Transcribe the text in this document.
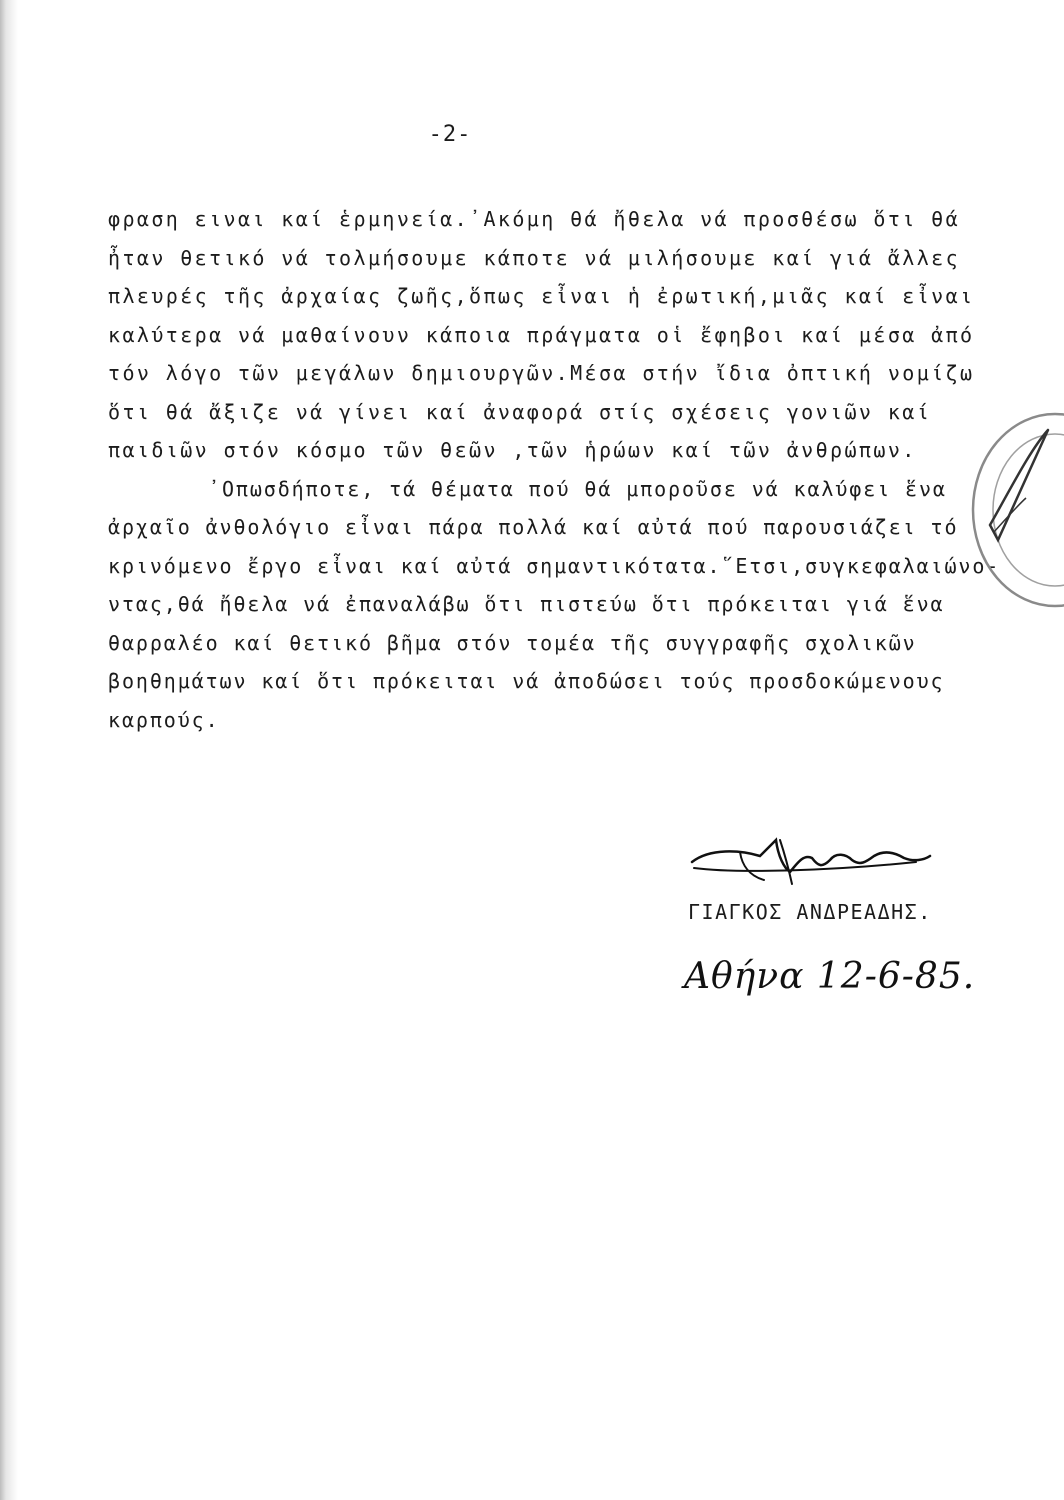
-2-
φραση ειναι καί ἑρμηνεία.᾿Ακόμη θά ἤθελα νά προσθέσω ὅτι θά
ἦταν θετικό νά τολμήσουμε κάποτε νά μιλήσουμε καί γιά ἄλλες
πλευρές τῆς ἀρχαίας ζωῆς,ὅπως εἶναι ἡ ἐρωτική,μιᾶς καί εἶναι
καλύτερα νά μαθαίνουν κάποια πράγματα οἱ ἔφηβοι καί μέσα ἀπό
τόν λόγο τῶν μεγάλων δημιουργῶν.Μέσα στήν ἴδια ὀπτική νομίζω
ὅτι θά ἄξιζε νά γίνει καί ἀναφορά στίς σχέσεις γονιῶν καί
παιδιῶν στόν κόσμο τῶν θεῶν ,τῶν ἡρώων καί τῶν ἀνθρώπων.
᾿Οπωσδήποτε, τά θέματα πού θά μποροῦσε νά καλύφει ἕνα
ἀρχαῖο ἀνθολόγιο εἶναι πάρα πολλά καί αὐτά πού παρουσιάζει τό
κρινόμενο ἔργο εἶναι καί αὐτά σημαντικότατα.῞Ετσι,συγκεφαλαιώνο-
ντας,θά ἤθελα νά ἐπαναλάβω ὅτι πιστεύω ὅτι πρόκειται γιά ἕνα
θαρραλέο καί θετικό βῆμα στόν τομέα τῆς συγγραφῆς σχολικῶν
βοηθημάτων καί ὅτι πρόκειται νά ἀποδώσει τούς προσδοκώμενους
καρπούς.
ΓΙΑΓΚΟΣ ΑΝΔΡΕΑΔΗΣ.
Αθήνα 12-6-85.
